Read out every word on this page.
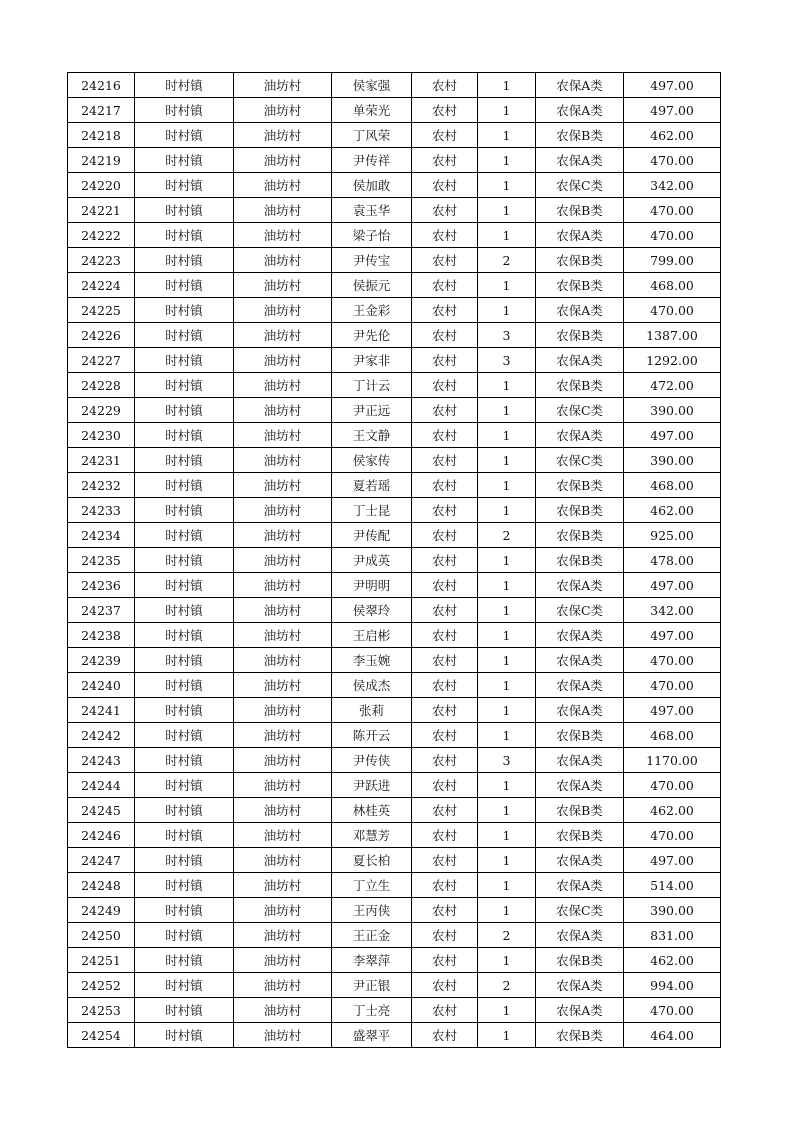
24216	时村镇	油坊村	侯家强	农村	1	农保A类	497.00
24217	时村镇	油坊村	单荣光	农村	1	农保A类	497.00
24218	时村镇	油坊村	丁风荣	农村	1	农保B类	462.00
24219	时村镇	油坊村	尹传祥	农村	1	农保A类	470.00
24220	时村镇	油坊村	侯加敢	农村	1	农保C类	342.00
24221	时村镇	油坊村	袁玉华	农村	1	农保B类	470.00
24222	时村镇	油坊村	梁子怡	农村	1	农保A类	470.00
24223	时村镇	油坊村	尹传宝	农村	2	农保B类	799.00
24224	时村镇	油坊村	侯振元	农村	1	农保B类	468.00
24225	时村镇	油坊村	王金彩	农村	1	农保A类	470.00
24226	时村镇	油坊村	尹先伦	农村	3	农保B类	1387.00
24227	时村镇	油坊村	尹家非	农村	3	农保A类	1292.00
24228	时村镇	油坊村	丁计云	农村	1	农保B类	472.00
24229	时村镇	油坊村	尹正远	农村	1	农保C类	390.00
24230	时村镇	油坊村	王文静	农村	1	农保A类	497.00
24231	时村镇	油坊村	侯家传	农村	1	农保C类	390.00
24232	时村镇	油坊村	夏若瑶	农村	1	农保B类	468.00
24233	时村镇	油坊村	丁士昆	农村	1	农保B类	462.00
24234	时村镇	油坊村	尹传配	农村	2	农保B类	925.00
24235	时村镇	油坊村	尹成英	农村	1	农保B类	478.00
24236	时村镇	油坊村	尹明明	农村	1	农保A类	497.00
24237	时村镇	油坊村	侯翠玲	农村	1	农保C类	342.00
24238	时村镇	油坊村	王启彬	农村	1	农保A类	497.00
24239	时村镇	油坊村	李玉婉	农村	1	农保A类	470.00
24240	时村镇	油坊村	侯成杰	农村	1	农保A类	470.00
24241	时村镇	油坊村	张莉	农村	1	农保A类	497.00
24242	时村镇	油坊村	陈开云	农村	1	农保B类	468.00
24243	时村镇	油坊村	尹传侠	农村	3	农保A类	1170.00
24244	时村镇	油坊村	尹跃进	农村	1	农保A类	470.00
24245	时村镇	油坊村	林桂英	农村	1	农保B类	462.00
24246	时村镇	油坊村	邓慧芳	农村	1	农保B类	470.00
24247	时村镇	油坊村	夏长柏	农村	1	农保A类	497.00
24248	时村镇	油坊村	丁立生	农村	1	农保A类	514.00
24249	时村镇	油坊村	王丙侠	农村	1	农保C类	390.00
24250	时村镇	油坊村	王正金	农村	2	农保A类	831.00
24251	时村镇	油坊村	李翠萍	农村	1	农保B类	462.00
24252	时村镇	油坊村	尹正银	农村	2	农保A类	994.00
24253	时村镇	油坊村	丁士亮	农村	1	农保A类	470.00
24254	时村镇	油坊村	盛翠平	农村	1	农保B类	464.00
